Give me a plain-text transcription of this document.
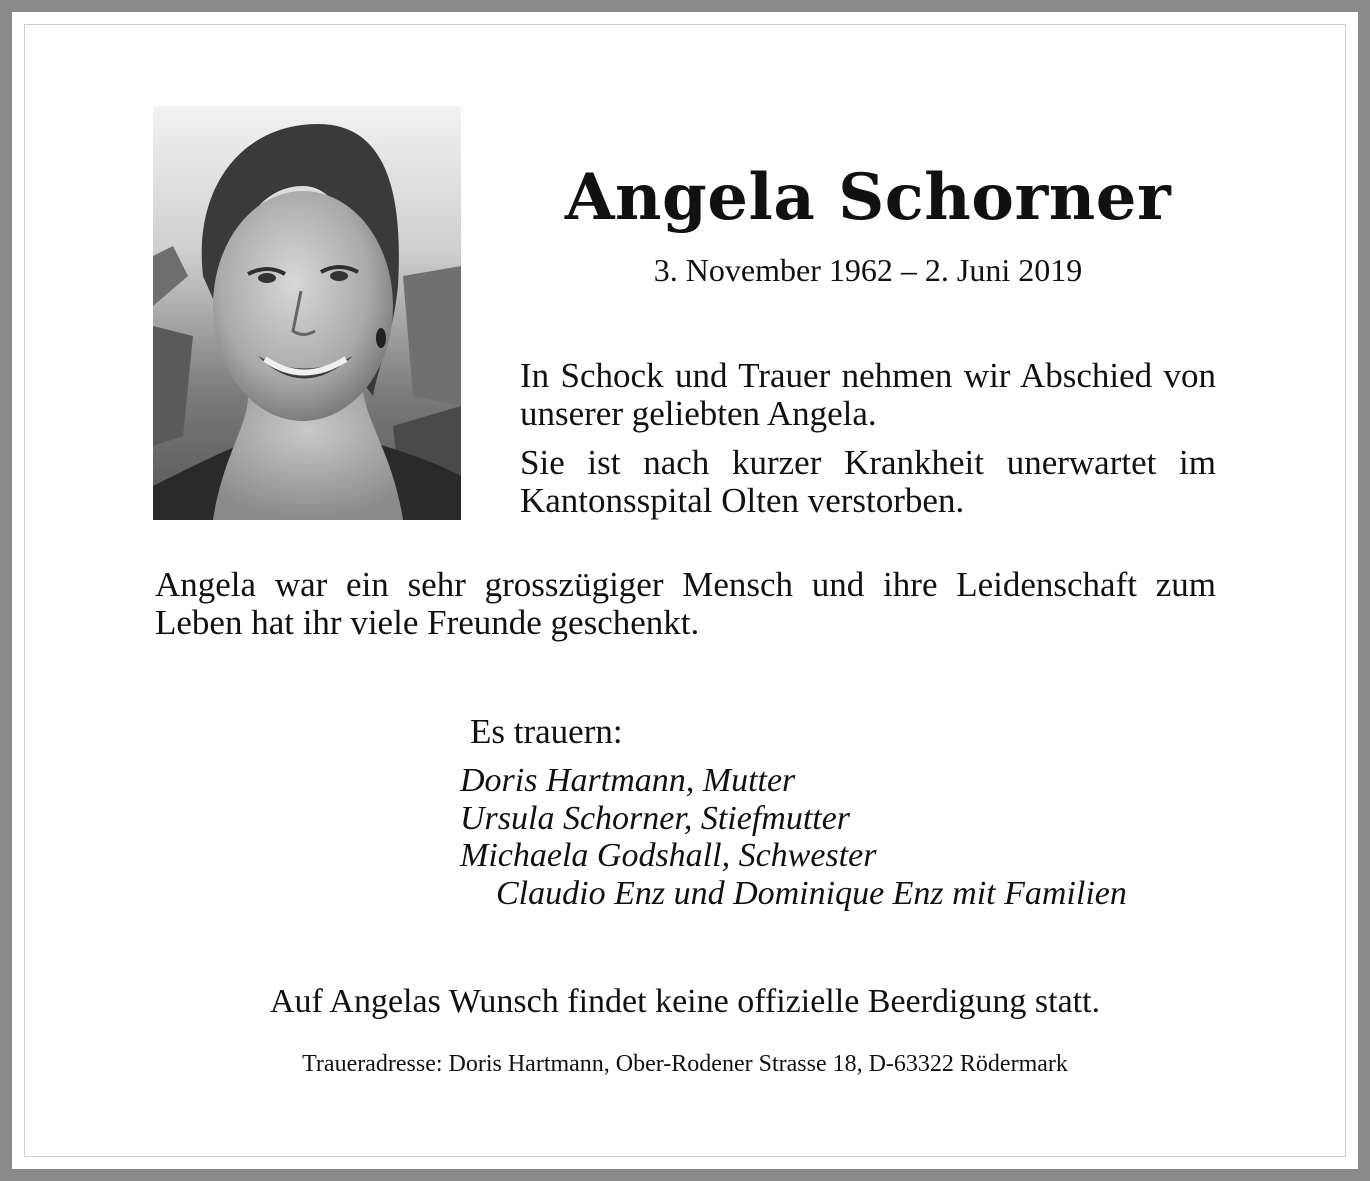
Angela Schorner
3. November 1962 – 2. Juni 2019
In Schock und Trauer nehmen wir Abschied von unserer geliebten Angela.
Sie ist nach kurzer Krankheit unerwartet im Kantonsspital Olten verstorben.
Angela war ein sehr grosszügiger Mensch und ihre Leidenschaft zum Leben hat ihr viele Freunde geschenkt.
Es trauern:
Doris Hartmann, Mutter
Ursula Schorner, Stiefmutter
Michaela Godshall, Schwester
Claudio Enz und Dominique Enz mit Familien
Auf Angelas Wunsch findet keine offizielle Beerdigung statt.
Traueradresse: Doris Hartmann, Ober-Rodener Strasse 18, D-63322 Rödermark
